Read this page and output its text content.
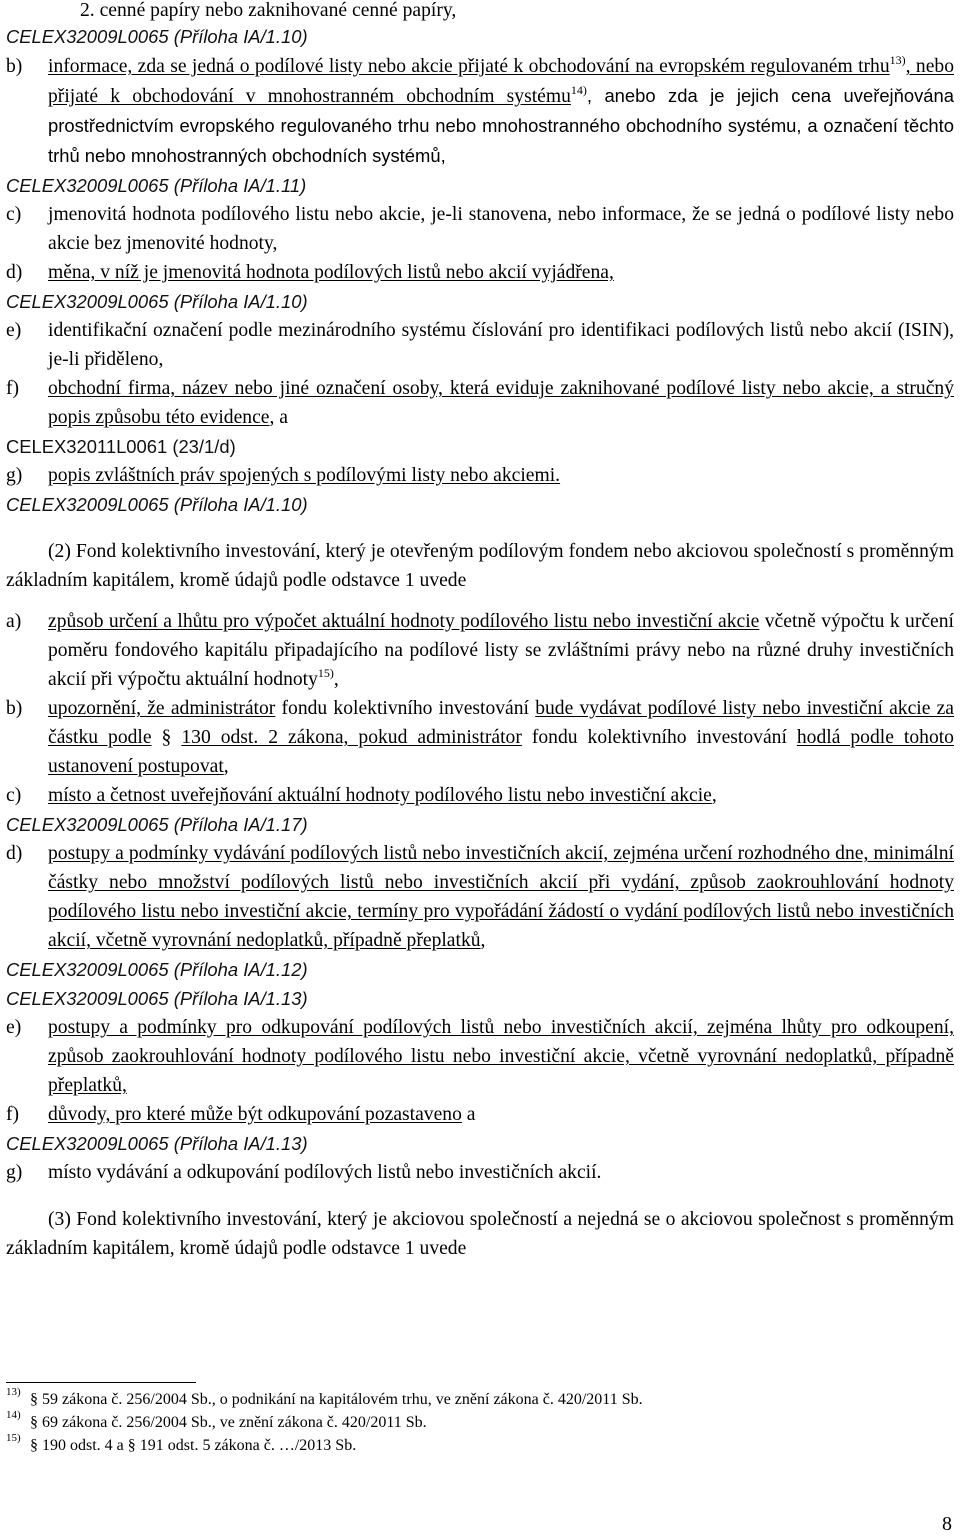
2. cenné papíry nebo zaknihované cenné papíry,
CELEX32009L0065 (Příloha IA/1.10)
b) informace, zda se jedná o podílové listy nebo akcie přijaté k obchodování na evropském regulovaném trhu$^{13)}$, nebo přijaté k obchodování v mnohostranném obchodním systému$^{14)}$, anebo zda je jejich cena uveřejňována prostřednictvím evropského regulovaného trhu nebo mnohostranného obchodního systému, a označení těchto trhů nebo mnohostranných obchodních systémů,
CELEX32009L0065 (Příloha IA/1.11)
c) jmenovitá hodnota podílového listu nebo akcie, je-li stanovena, nebo informace, že se jedná o podílové listy nebo akcie bez jmenovité hodnoty,
d) měna, v níž je jmenovitá hodnota podílových listů nebo akcií vyjádřena,
CELEX32009L0065 (Příloha IA/1.10)
e) identifikační označení podle mezinárodního systému číslování pro identifikaci podílových listů nebo akcií (ISIN), je-li přiděleno,
f) obchodní firma, název nebo jiné označení osoby, která eviduje zaknihované podílové listy nebo akcie, a stručný popis způsobu této evidence, a
CELEX32011L0061 (23/1/d)
g) popis zvláštních práv spojených s podílovými listy nebo akciemi.
CELEX32009L0065 (Příloha IA/1.10)
(2) Fond kolektivního investování, který je otevřeným podílovým fondem nebo akciovou společností s proměnným základním kapitálem, kromě údajů podle odstavce 1 uvede
a) způsob určení a lhůtu pro výpočet aktuální hodnoty podílového listu nebo investiční akcie včetně výpočtu k určení poměru fondového kapitálu připadajícího na podílové listy se zvláštními právy nebo na různé druhy investičních akcií při výpočtu aktuální hodnoty$^{15)}$,
b) upozornění, že administrátor fondu kolektivního investování bude vydávat podílové listy nebo investiční akcie za částku podle § 130 odst. 2 zákona, pokud administrátor fondu kolektivního investování hodlá podle tohoto ustanovení postupovat,
c) místo a četnost uveřejňování aktuální hodnoty podílového listu nebo investiční akcie,
CELEX32009L0065 (Příloha IA/1.17)
d) postupy a podmínky vydávání podílových listů nebo investičních akcií, zejména určení rozhodného dne, minimální částky nebo množství podílových listů nebo investičních akcií při vydání, způsob zaokrouhlování hodnoty podílového listu nebo investiční akcie, termíny pro vypořádání žádostí o vydání podílových listů nebo investičních akcií, včetně vyrovnání nedoplatků, případně přeplatků,
CELEX32009L0065 (Příloha IA/1.12)
CELEX32009L0065 (Příloha IA/1.13)
e) postupy a podmínky pro odkupování podílových listů nebo investičních akcií, zejména lhůty pro odkoupení, způsob zaokrouhlování hodnoty podílového listu nebo investiční akcie, včetně vyrovnání nedoplatků, případně přeplatků,
f) důvody, pro které může být odkupování pozastaveno a
CELEX32009L0065 (Příloha IA/1.13)
g) místo vydávání a odkupování podílových listů nebo investičních akcií.
(3) Fond kolektivního investování, který je akciovou společností a nejedná se o akciovou společnost s proměnným základním kapitálem, kromě údajů podle odstavce 1 uvede
13) § 59 zákona č. 256/2004 Sb., o podnikání na kapitálovém trhu, ve znění zákona č. 420/2011 Sb.
14) § 69 zákona č. 256/2004 Sb., ve znění zákona č. 420/2011 Sb.
15) § 190 odst. 4 a § 191 odst. 5 zákona č. …/2013 Sb.
8
